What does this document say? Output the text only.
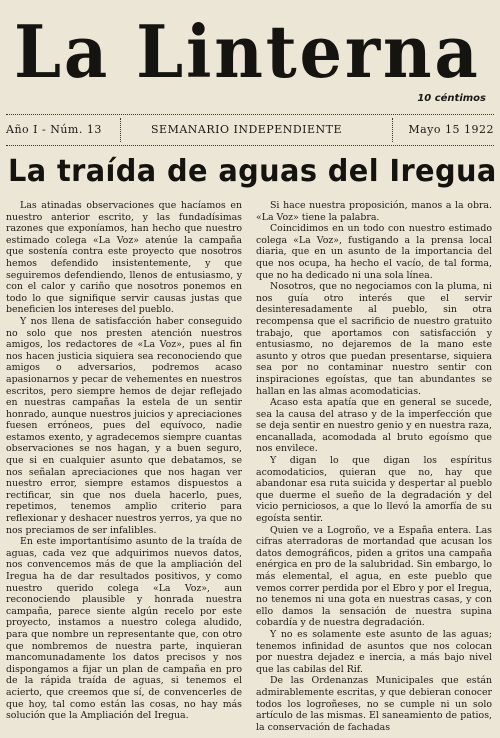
La Linterna
10 céntimos
Año I - Núm. 13	SEMANARIO INDEPENDIENTE	Mayo 15 1922
La traída de aguas del Iregua

Las atinadas observaciones que hacíamos en nuestro anterior escrito, y las fundadísimas razones que exponíamos, han hecho que nuestro estimado colega «La Voz» atenúe la campaña que sostenía contra este proyecto que nosotros hemos defendido insistentemente, y que seguiremos defendiendo, llenos de entusiasmo, y con el calor y cariño que nosotros ponemos en todo lo que signifique servir causas justas que beneficien los intereses del pueblo.

Y nos llena de satisfacción haber conseguido no solo que nos presten atención nuestros amigos, los redactores de «La Voz», pues al fin nos hacen justicia siquiera sea reconociendo que amigos o adversarios, podremos acaso apasionarnos y pecar de vehementes en nuestros escritos, pero siempre hemos de dejar reflejado en nuestras campañas la estela de un sentir honrado, aunque nuestros juicios y apreciaciones fuesen erróneos, pues del equívoco, nadie estamos exento, y agradecemos siempre cuantas observaciones se nos hagan, y a buen seguro, que si en cualquier asunto que debatamos, se nos señalan apreciaciones que nos hagan ver nuestro error, siempre estamos dispuestos a rectificar, sin que nos duela hacerlo, pues, repetimos, tenemos amplio criterio para reflexionar y deshacer nuestros yerros, ya que no nos preciamos de ser infalibles.

En este importantísimo asunto de la traída de aguas, cada vez que adquirimos nuevos datos, nos convencemos más de que la ampliación del Iregua ha de dar resultados positivos, y como nuestro querido colega «La Voz», aun reconociendo plausible y honrada nuestra campaña, parece siente algún recelo por este proyecto, instamos a nuestro colega aludido, para que nombre un representante que, con otro que nombremos de nuestra parte, inquieran mancomunadamente los datos precisos y nos dispongamos a fijar un plan de campaña en pro de la rápida traída de aguas, si tenemos el acierto, que creemos que sí, de convencerles de que hoy, tal como están las cosas, no hay más solución que la Ampliación del Iregua.

Si hace nuestra proposición, manos a la obra. «La Voz» tiene la palabra.

Coincidimos en un todo con nuestro estimado colega «La Voz», fustigando a la prensa local diaria, que en un asunto de la importancia del que nos ocupa, ha hecho el vacío, de tal forma, que no ha dedicado ni una sola línea.

Nosotros, que no negociamos con la pluma, ni nos guía otro interés que el servir desinteresadamente al pueblo, sin otra recompensa que el sacrificio de nuestro gratuito trabajo, que aportamos con satisfacción y entusiasmo, no dejaremos de la mano este asunto y otros que puedan presentarse, siquiera sea por no contaminar nuestro sentir con inspiraciones egoístas, que tan abundantes se hallan en las almas acomodaticias.

Acaso esta apatía que en general se sucede, sea la causa del atraso y de la imperfección que se deja sentir en nuestro genio y en nuestra raza, encanallada, acomodada al bruto egoísmo que nos envilece.

Y digan lo que digan los espíritus acomodaticios, quieran que no, hay que abandonar esa ruta suicida y despertar al pueblo que duerme el sueño de la degradación y del vicio perniciosos, a que lo llevó la amorfía de su egoísta sentir.

Quien ve a Logroño, ve a España entera. Las cifras aterradoras de mortandad que acusan los datos demográficos, piden a gritos una campaña enérgica en pro de la salubridad. Sin embargo, lo más elemental, el agua, en este pueblo que vemos correr perdida por el Ebro y por el Iregua, no tenemos ni una gota en nuestras casas, y con ello damos la sensación de nuestra supina cobardía y de nuestra degradación.

Y no es solamente este asunto de las aguas; tenemos infinidad de asuntos que nos colocan por nuestra dejadez e inercia, a más bajo nivel que las cabilas del Rif.

De las Ordenanzas Municipales que están admirablemente escritas, y que debieran conocer todos los logroñeses, no se cumple ni un solo artículo de las mismas. El saneamiento de patios, la conservación de fachadas
